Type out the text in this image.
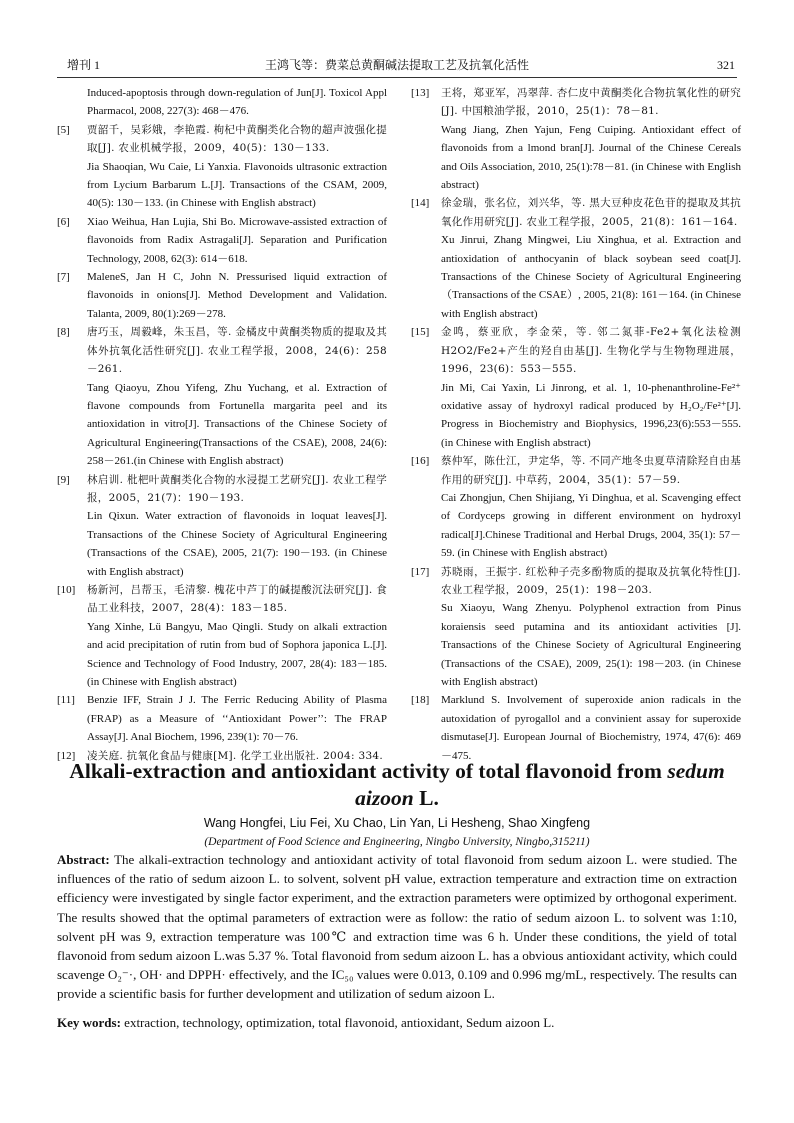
增刊 1	王鸿飞等：费菜总黄酮碱法提取工艺及抗氧化活性	321
Induced-apoptosis through down-regulation of Jun[J]. Toxicol Appl Pharmacol, 2008, 227(3): 468－476.
[5] 贾韶千，吴彩娥，李艳霞. 枸杞中黄酮类化合物的超声波强化提取[J]. 农业机械学报，2009，40(5)：130－133.
Jia Shaoqian, Wu Caie, Li Yanxia. Flavonoids ultrasonic extraction from Lycium Barbarum L.[J]. Transactions of the CSAM, 2009, 40(5): 130－133. (in Chinese with English abstract)
[6] Xiao Weihua, Han Lujia, Shi Bo. Microwave-assisted extraction of flavonoids from Radix Astragali[J]. Separation and Purification Technology, 2008, 62(3): 614－618.
[7] MaleneS, Jan H C, John N. Pressurised liquid extraction of flavonoids in onions[J]. Method Development and Validation. Talanta, 2009, 80(1):269－278.
[8] 唐巧玉，周毅峰，朱玉昌，等. 金橘皮中黄酮类物质的提取及其体外抗氧化活性研究[J]. 农业工程学报，2008，24(6)：258－261.
Tang Qiaoyu, Zhou Yifeng, Zhu Yuchang, et al. Extraction of flavone compounds from Fortunella margarita peel and its antioxidation in vitro[J]. Transactions of the Chinese Society of Agricultural Engineering(Transactions of the CSAE), 2008, 24(6): 258－261.(in Chinese with English abstract)
[9] 林启训. 枇杷叶黄酮类化合物的水浸提工艺研究[J]. 农业工程学报，2005，21(7)：190－193.
Lin Qixun. Water extraction of flavonoids in loquat leaves[J]. Transactions of the Chinese Society of Agricultural Engineering (Transactions of the CSAE), 2005, 21(7): 190－193. (in Chinese with English abstract)
[10] 杨新河，吕帮玉，毛清黎. 槐花中芦丁的碱提酸沉法研究[J]. 食品工业科技，2007，28(4)：183－185.
Yang Xinhe, Lü Bangyu, Mao Qingli. Study on alkali extraction and acid precipitation of rutin from bud of Sophora japonica L.[J]. Science and Technology of Food Industry, 2007, 28(4): 183－185. (in Chinese with English abstract)
[11] Benzie IFF, Strain J J. The Ferric Reducing Ability of Plasma (FRAP) as a Measure of ‘‘Antioxidant Power’’: The FRAP Assay[J]. Anal Biochem, 1996, 239(1): 70－76.
[12] 凌关庭. 抗氧化食品与健康[M]. 化学工业出版社. 2004: 334.
[13] 王将，郑亚军，冯翠萍. 杏仁皮中黄酮类化合物抗氧化性的研究[J]. 中国粮油学报，2010，25(1)：78－81.
Wang Jiang, Zhen Yajun, Feng Cuiping. Antioxidant effect of flavonoids from a lmond bran[J]. Journal of the Chinese Cereals and Oils Association, 2010, 25(1):78－81. (in Chinese with English abstract)
[14] 徐金瑞，张名位，刘兴华，等. 黑大豆种皮花色苷的提取及其抗氧化作用研究[J]. 农业工程学报，2005，21(8)：161－164.
Xu Jinrui, Zhang Mingwei, Liu Xinghua, et al. Extraction and antioxidation of anthocyanin of black soybean seed coat[J]. Transactions of the Chinese Society of Agricultural Engineering（Transactions of the CSAE）, 2005, 21(8): 161－164. (in Chinese with English abstract)
[15] 金鸣，蔡亚欣，李金荣，等. 邻二氮菲-Fe2+氧化法检测H2O2/Fe2+产生的羟自由基[J]. 生物化学与生物物理进展，1996，23(6)：553－555.
Jin Mi, Cai Yaxin, Li Jinrong, et al. 1, 10-phenanthroline-Fe²⁺ oxidative assay of hydroxyl radical produced by H₂O₂/Fe²⁺[J]. Progress in Biochemistry and Biophysics, 1996,23(6):553－555. (in Chinese with English abstract)
[16] 蔡仲军，陈仕江，尹定华，等. 不同产地冬虫夏草清除羟自由基作用的研究[J]. 中草药，2004，35(1)：57－59.
Cai Zhongjun, Chen Shijiang, Yi Dinghua, et al. Scavenging effect of Cordyceps growing in different environment on hydroxyl radical[J].Chinese Traditional and Herbal Drugs, 2004, 35(1): 57－59. (in Chinese with English abstract)
[17] 苏晓雨，王振宇. 红松种子壳多酚物质的提取及抗氧化特性[J]. 农业工程学报，2009，25(1)：198－203.
Su Xiaoyu, Wang Zhenyu. Polyphenol extraction from Pinus koraiensis seed putamina and its antioxidant activities [J]. Transactions of the Chinese Society of Agricultural Engineering (Transactions of the CSAE), 2009, 25(1): 198－203. (in Chinese with English abstract)
[18] Marklund S. Involvement of superoxide anion radicals in the autoxidation of pyrogallol and a convinient assay for superoxide dismutase[J]. European Journal of Biochemistry, 1974, 47(6): 469－475.
Alkali-extraction and antioxidant activity of total flavonoid from sedum aizoon L.
Wang Hongfei, Liu Fei, Xu Chao, Lin Yan, Li Hesheng, Shao Xingfeng
(Department of Food Science and Engineering, Ningbo University, Ningbo,315211)
Abstract: The alkali-extraction technology and antioxidant activity of total flavonoid from sedum aizoon L. were studied. The influences of the ratio of sedum aizoon L. to solvent, solvent pH value, extraction temperature and extraction time on extraction efficiency were investigated by single factor experiment, and the extraction parameters were optimized by orthogonal experiment. The results showed that the optimal parameters of extraction were as follow: the ratio of sedum aizoon L. to solvent was 1:10, solvent pH was 9, extraction temperature was 100℃ and extraction time was 6 h. Under these conditions, the yield of total flavonoid from sedum aizoon L.was 5.37 %. Total flavonoid from sedum aizoon L. has a obvious antioxidant activity, which could scavenge O₂⁻·, OH· and DPPH· effectively, and the IC₅₀ values were 0.013, 0.109 and 0.996 mg/mL, respectively. The results can provide a scientific basis for further development and utilization of sedum aizoon L.
Key words: extraction, technology, optimization, total flavonoid, antioxidant, Sedum aizoon L.
